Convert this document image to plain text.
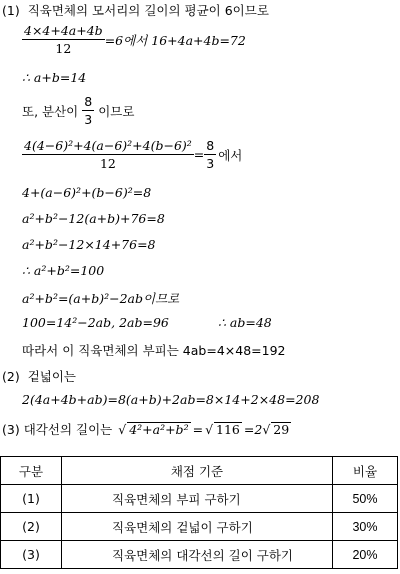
(1) 직육면체의 모서리의 길이의 평균이 6이므로
$\frac{4\times 4+4a+4b}{12} =6$에서 16+4a+4b=72
∴ a+b=14
또, 분산이 $\frac{8}{3}$ 이므로
$\frac{\text{4(4−6)²+4(a−6)²+4(b−6)²}}{12} = \frac{8}{3}$ 에서
4+(a−6)²+(b−6)²=8
a²+b²−12(a+b)+76=8
a²+b²−12×14+76=8
∴ a²+b²=100
a²+b²=(a+b)²−2ab이므로
100=14²−2ab, 2ab=96	∴ ab=48
따라서 이 직육면체의 부피는 4ab=4×48=192
(2) 겉넓이는
2(4a+4b+ab)=8(a+b)+2ab=8×14+2×48=208
(3) 대각선의 길이는 √ 4²+a²+b² = √ 116 =2 √ 29
구분	채점 기준	비율
(1)	직육면체의 부피 구하기	50%
(2)	직육면체의 겉넓이 구하기	30%
(3)	직육면체의 대각선의 길이 구하기	20%
